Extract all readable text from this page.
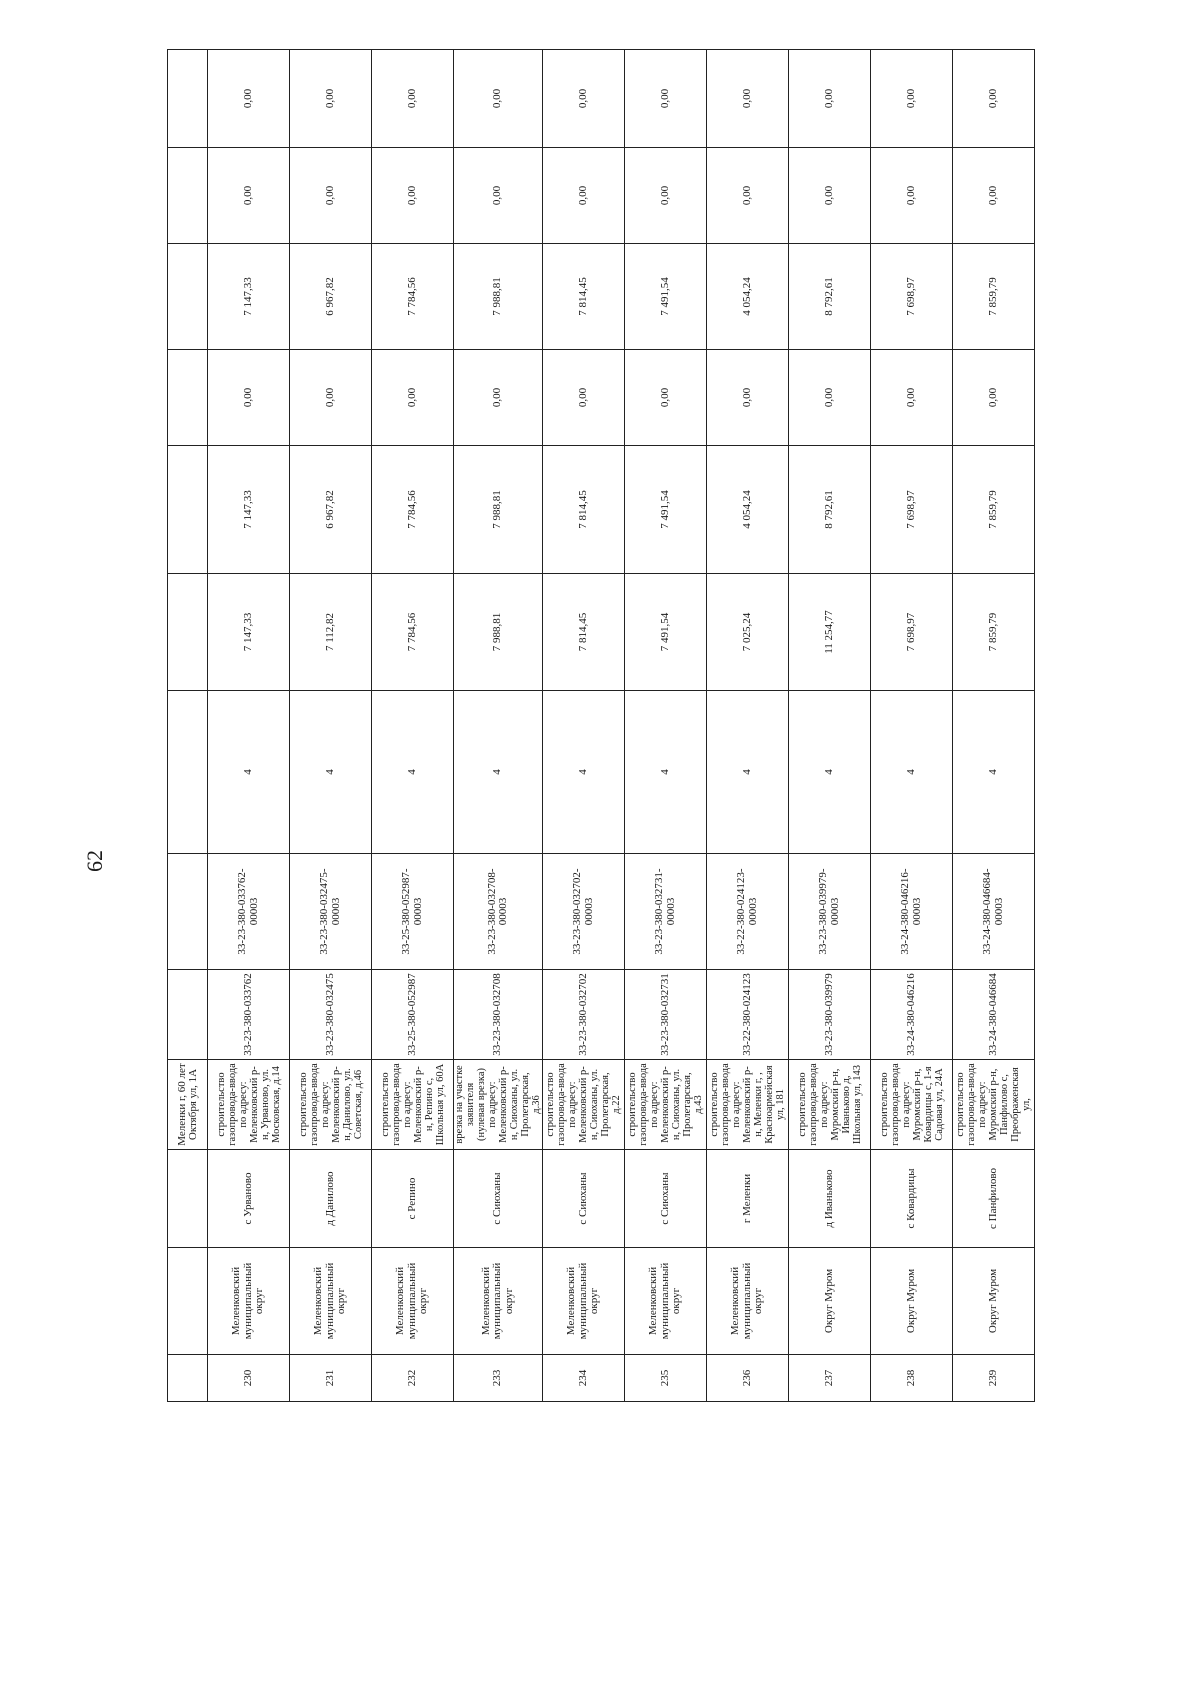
62
			Меленки г, 60 лет Октября ул, 1А									
230	Меленковский муниципальный округ	с Урвановo	строительство газопровода-ввода по адресу: Меленковский р-н, Урваново, ул. Московская, д.14	33-23-380-033762	33-23-380-033762-00003	4	7 147,33	7 147,33	0,00	7 147,33	0,00	0,00
231	Меленковский муниципальный округ	д Данилово	строительство газопровода-ввода по адресу: Меленковский р-н, Данилово, ул. Советская, д.46	33-23-380-032475	33-23-380-032475-00003	4	7 112,82	6 967,82	0,00	6 967,82	0,00	0,00
232	Меленковский муниципальный округ	с Репино	строительство газопровода-ввода по адресу: Меленковский р-н, Репино с, Школьная ул, 60А	33-25-380-052987	33-25-380-052987-00003	4	7 784,56	7 784,56	0,00	7 784,56	0,00	0,00
233	Меленковский муниципальный округ	с Сиюханы	врезка на участке заявителя (нулевая врезка) по адресу: Меленковский р-н, Сиюханы, ул. Пролетарская, д.36	33-23-380-032708	33-23-380-032708-00003	4	7 988,81	7 988,81	0,00	7 988,81	0,00	0,00
234	Меленковский муниципальный округ	с Сиюханы	строительство газопровода-ввода по адресу: Меленковский р-н, Сиюханы, ул. Пролетарская, д.22	33-23-380-032702	33-23-380-032702-00003	4	7 814,45	7 814,45	0,00	7 814,45	0,00	0,00
235	Меленковский муниципальный округ	с Сиюханы	строительство газопровода-ввода по адресу: Меленковский р-н, Сиюханы, ул. Пролетарская, д.43	33-23-380-032731	33-23-380-032731-00003	4	7 491,54	7 491,54	0,00	7 491,54	0,00	0,00
236	Меленковский муниципальный округ	г Меленки	строительство газопровода-ввода по адресу: Меленковский р-н, Меленки г, , Красноармейская ул, 181	33-22-380-024123	33-22-380-024123-00003	4	7 025,24	4 054,24	0,00	4 054,24	0,00	0,00
237	Округ Муром	д Иваньково	строительство газопровода-ввода по адресу: Муромский р-н, Иваньково д, Школьная ул, 143	33-23-380-039979	33-23-380-039979-00003	4	11 254,77	8 792,61	0,00	8 792,61	0,00	0,00
238	Округ Муром	с Ковардицы	строительство газопровода-ввода по адресу: Муромский р-н, Ковардицы с, 1-я Садовая ул, 24А	33-24-380-046216	33-24-380-046216-00003	4	7 698,97	7 698,97	0,00	7 698,97	0,00	0,00
239	Округ Муром	с Панфилово	строительство газопровода-ввода по адресу: Муромский р-н, Панфилово с, Преображенская ул,	33-24-380-046684	33-24-380-046684-00003	4	7 859,79	7 859,79	0,00	7 859,79	0,00	0,00
